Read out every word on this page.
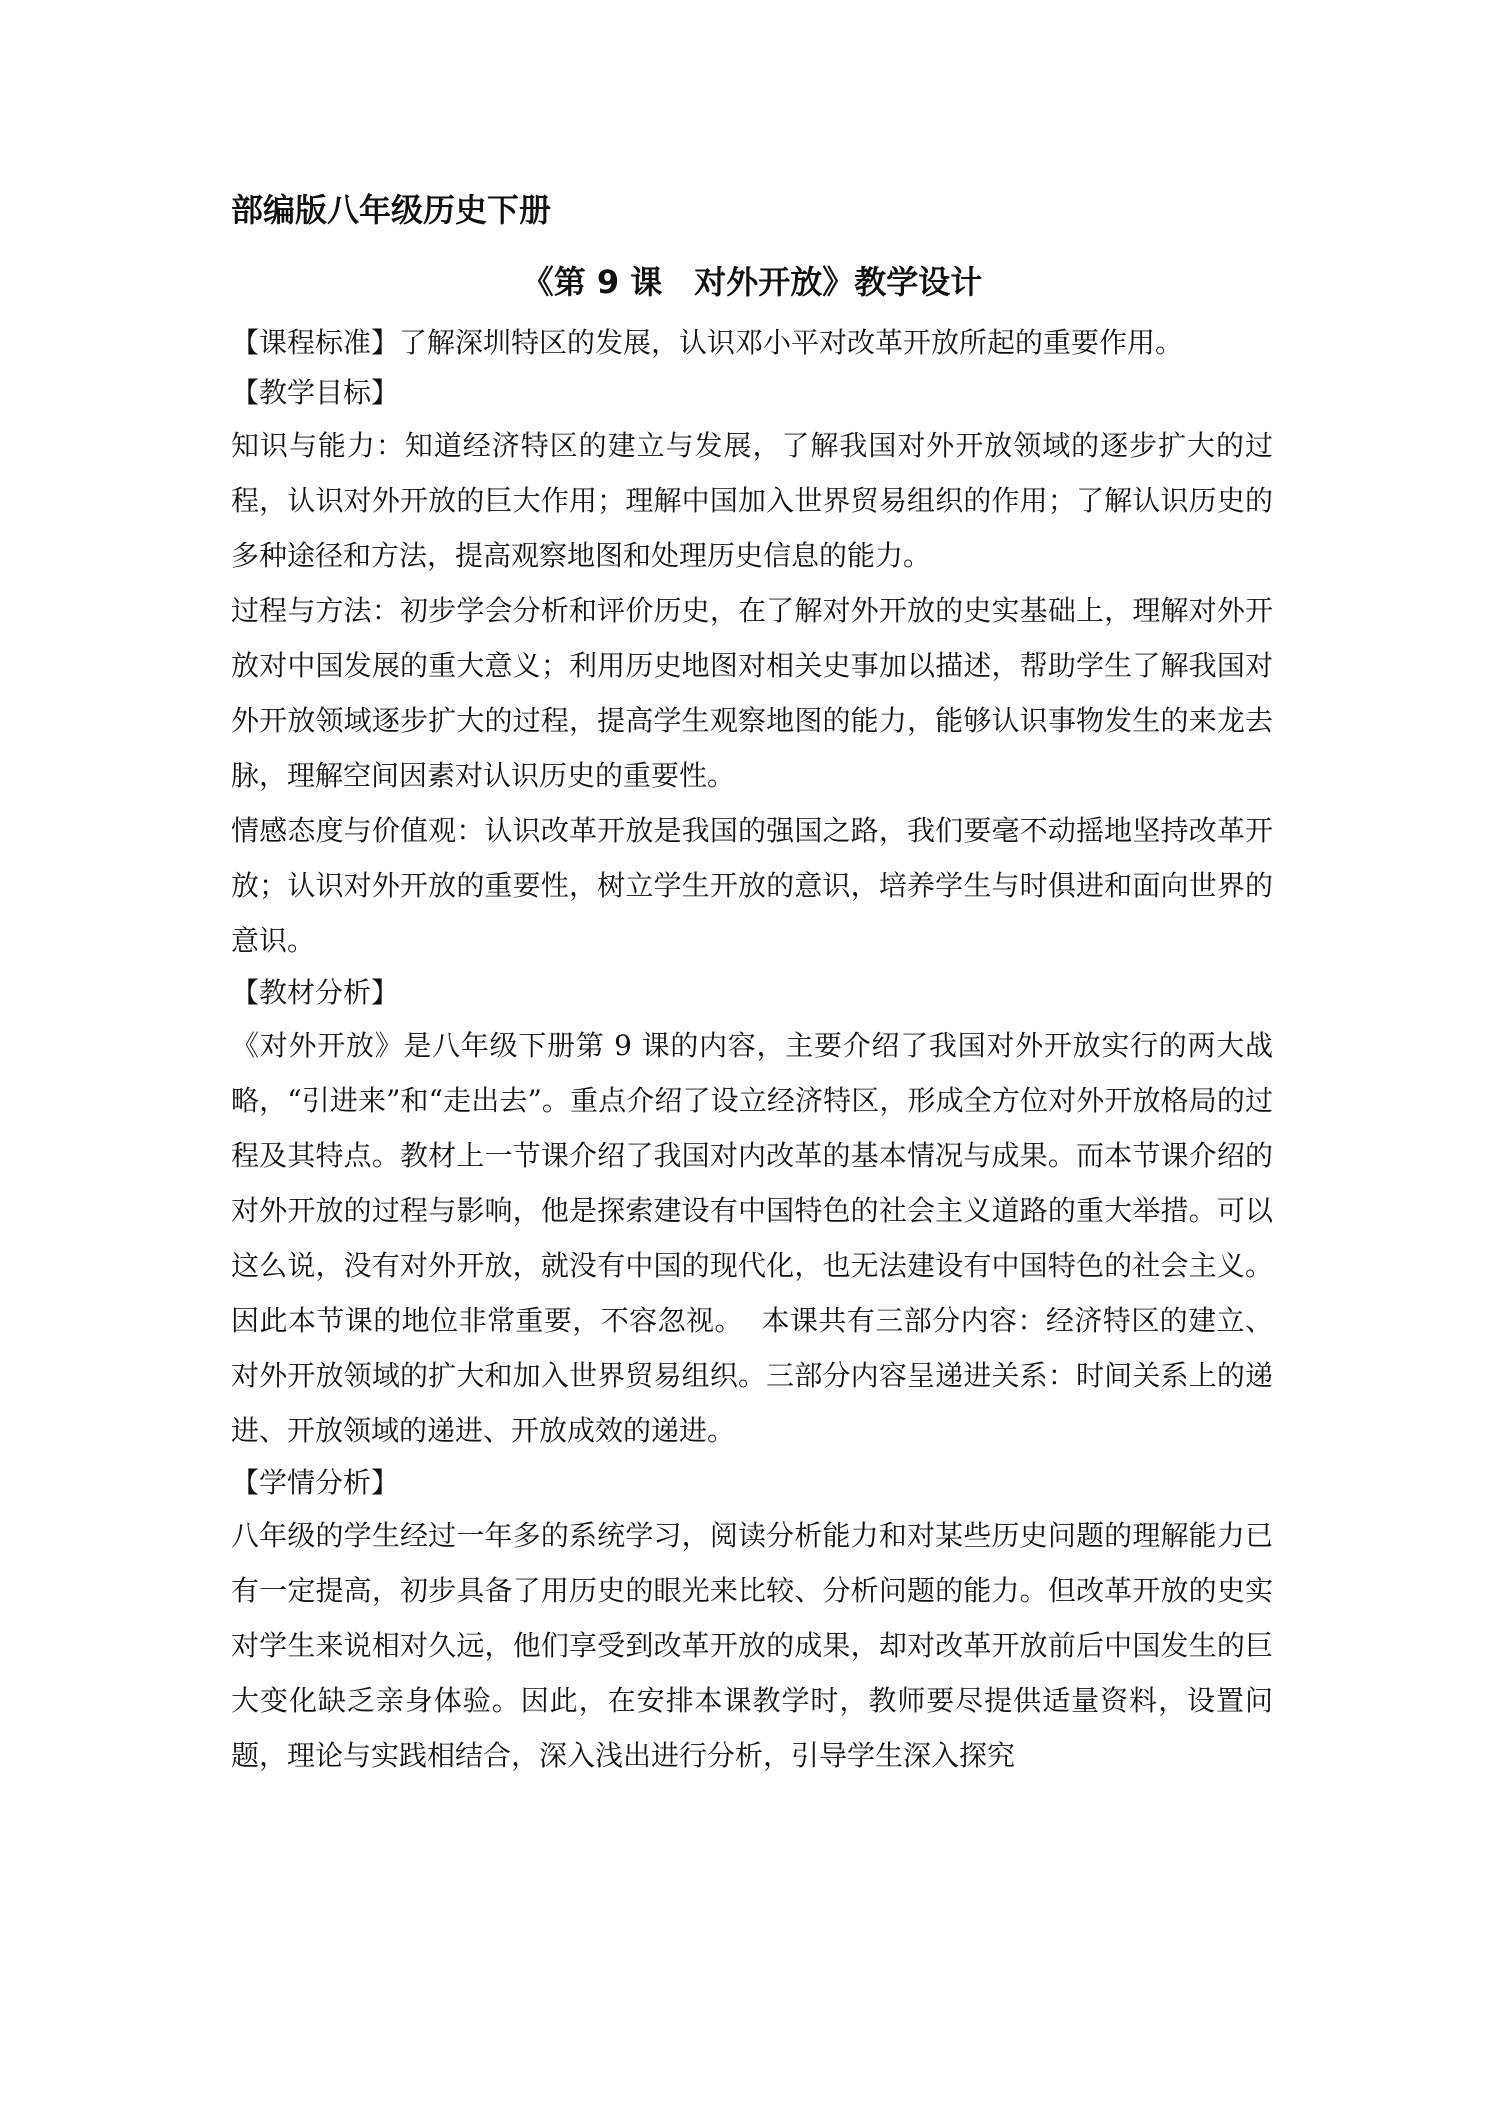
部编版八年级历史下册
《第 9 课　对外开放》教学设计

【课程标准】了解深圳特区的发展，认识邓小平对改革开放所起的重要作用。

【教学目标】

知识与能力：知道经济特区的建立与发展，了解我国对外开放领域的逐步扩大的过程，认识对外开放的巨大作用；理解中国加入世界贸易组织的作用；了解认识历史的多种途径和方法，提高观察地图和处理历史信息的能力。

过程与方法：初步学会分析和评价历史，在了解对外开放的史实基础上，理解对外开放对中国发展的重大意义；利用历史地图对相关史事加以描述，帮助学生了解我国对外开放领域逐步扩大的过程，提高学生观察地图的能力，能够认识事物发生的来龙去脉，理解空间因素对认识历史的重要性。

情感态度与价值观：认识改革开放是我国的强国之路，我们要毫不动摇地坚持改革开放；认识对外开放的重要性，树立学生开放的意识，培养学生与时俱进和面向世界的意识。

【教材分析】

《对外开放》是八年级下册第 9 课的内容，主要介绍了我国对外开放实行的两大战略，“引进来”和“走出去”。重点介绍了设立经济特区，形成全方位对外开放格局的过程及其特点。教材上一节课介绍了我国对内改革的基本情况与成果。而本节课介绍的对外开放的过程与影响，他是探索建设有中国特色的社会主义道路的重大举措。可以这么说，没有对外开放，就没有中国的现代化，也无法建设有中国特色的社会主义。因此本节课的地位非常重要，不容忽视。  本课共有三部分内容：经济特区的建立、对外开放领域的扩大和加入世界贸易组织。三部分内容呈递进关系：时间关系上的递进、开放领域的递进、开放成效的递进。

【学情分析】

八年级的学生经过一年多的系统学习，阅读分析能力和对某些历史问题的理解能力已有一定提高，初步具备了用历史的眼光来比较、分析问题的能力。但改革开放的史实对学生来说相对久远，他们享受到改革开放的成果，却对改革开放前后中国发生的巨大变化缺乏亲身体验。因此，在安排本课教学时，教师要尽提供适量资料，设置问题，理论与实践相结合，深入浅出进行分析，引导学生深入探究
